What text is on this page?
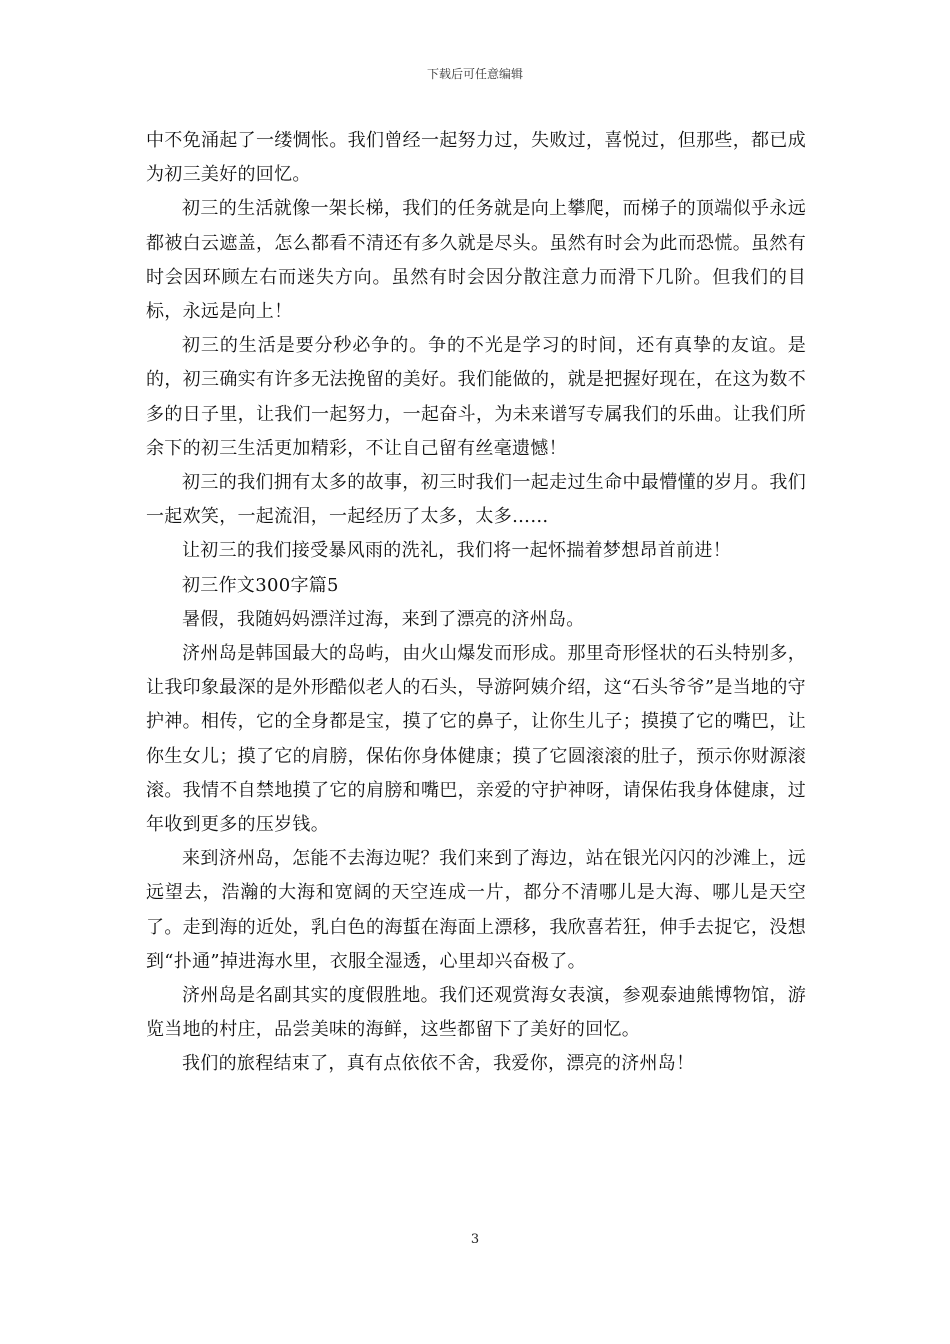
下载后可任意编辑

中不免涌起了一缕惆怅。我们曾经一起努力过，失败过，喜悦过，但那些，都已成为初三美好的回忆。

初三的生活就像一架长梯，我们的任务就是向上攀爬，而梯子的顶端似乎永远都被白云遮盖，怎么都看不清还有多久就是尽头。虽然有时会为此而恐慌。虽然有时会因环顾左右而迷失方向。虽然有时会因分散注意力而滑下几阶。但我们的目标，永远是向上！

初三的生活是要分秒必争的。争的不光是学习的时间，还有真挚的友谊。是的，初三确实有许多无法挽留的美好。我们能做的，就是把握好现在，在这为数不多的日子里，让我们一起努力，一起奋斗，为未来谱写专属我们的乐曲。让我们所余下的初三生活更加精彩，不让自己留有丝毫遗憾！

初三的我们拥有太多的故事，初三时我们一起走过生命中最懵懂的岁月。我们一起欢笑，一起流泪，一起经历了太多，太多……

让初三的我们接受暴风雨的洗礼，我们将一起怀揣着梦想昂首前进！

初三作文300字篇5

暑假，我随妈妈漂洋过海，来到了漂亮的济州岛。

济州岛是韩国最大的岛屿，由火山爆发而形成。那里奇形怪状的石头特别多，让我印象最深的是外形酷似老人的石头，导游阿姨介绍，这“石头爷爷”是当地的守护神。相传，它的全身都是宝，摸了它的鼻子，让你生儿子；摸摸了它的嘴巴，让你生女儿；摸了它的肩膀，保佑你身体健康；摸了它圆滚滚的肚子，预示你财源滚滚。我情不自禁地摸了它的肩膀和嘴巴，亲爱的守护神呀，请保佑我身体健康，过年收到更多的压岁钱。

来到济州岛，怎能不去海边呢？我们来到了海边，站在银光闪闪的沙滩上，远远望去，浩瀚的大海和宽阔的天空连成一片，都分不清哪儿是大海、哪儿是天空了。走到海的近处，乳白色的海蜇在海面上漂移，我欣喜若狂，伸手去捉它，没想到“扑通”掉进海水里，衣服全湿透，心里却兴奋极了。

济州岛是名副其实的度假胜地。我们还观赏海女表演，参观泰迪熊博物馆，游览当地的村庄，品尝美味的海鲜，这些都留下了美好的回忆。

我们的旅程结束了，真有点依依不舍，我爱你，漂亮的济州岛！

3
